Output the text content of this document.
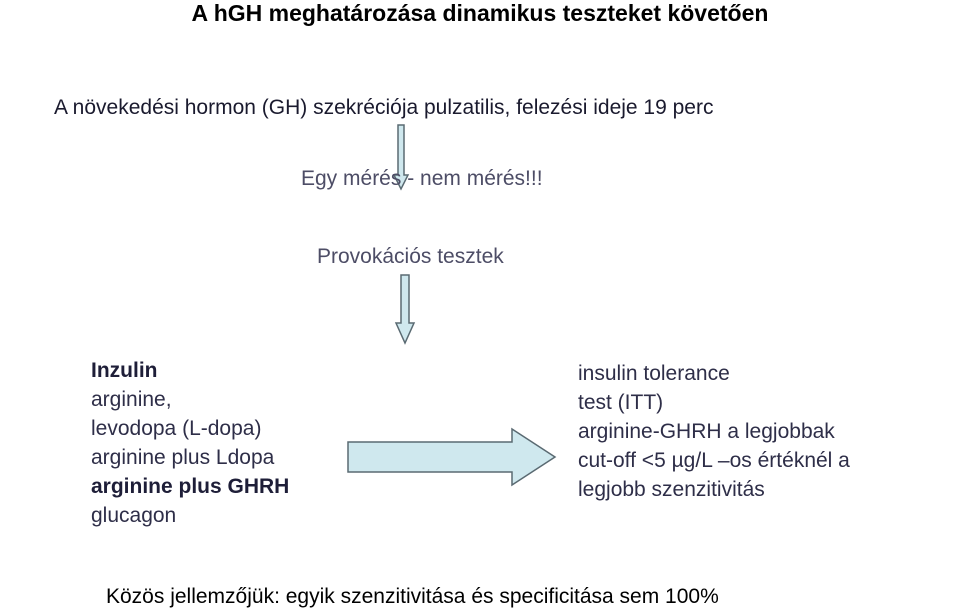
A hGH meghatározása dinamikus teszteket követően
A növekedési hormon (GH) szekréciója pulzatilis, felezési ideje 19 perc
Egy mérés - nem mérés!!!
Provokációs tesztek
Inzulin
arginine,
levodopa (L-dopa)
arginine plus Ldopa
arginine plus GHRH
glucagon
insulin tolerance
test (ITT)
arginine-GHRH a legjobbak
cut-off <5 µg/L –os értéknél a
legjobb szenzitivitás
Közös jellemzőjük: egyik szenzitivitása és specificitása sem 100%
